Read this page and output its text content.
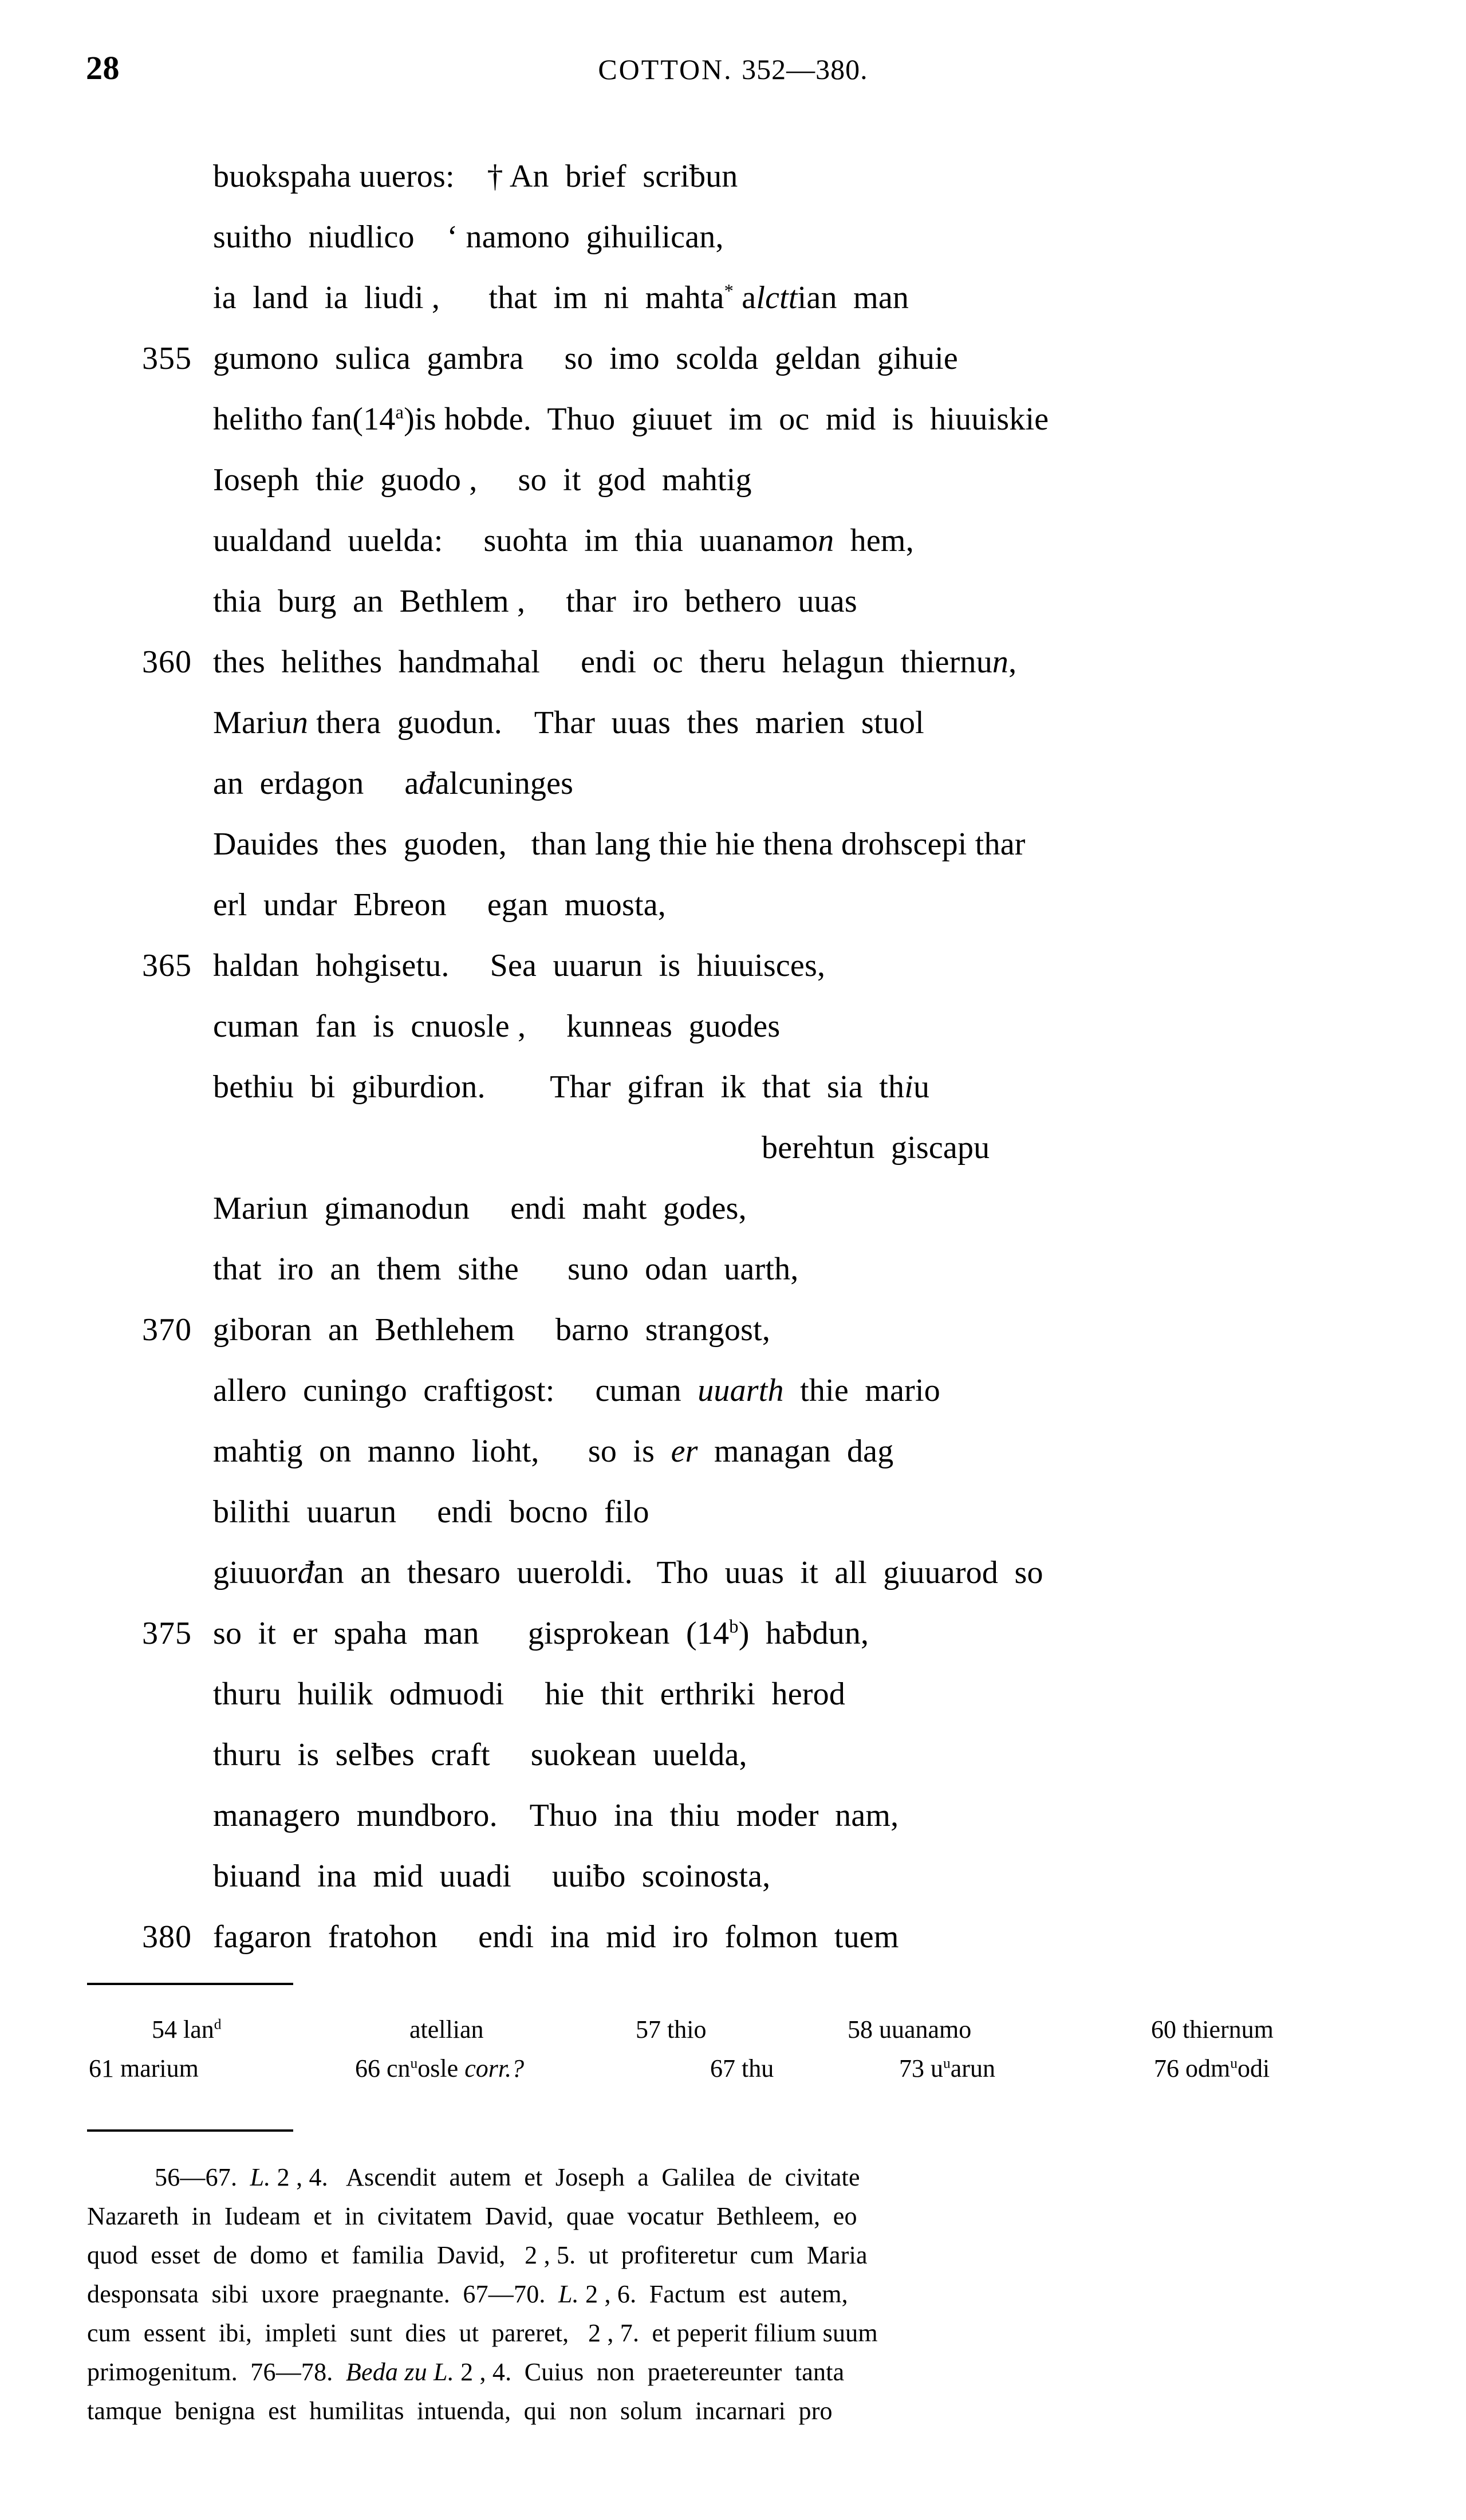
28	COTTON. 352—380.
buokspaha uueros:    † An  brief  scriƀun
suitho  niudlico    ‘ namono  gihuilican,
ia  land  ia  liudi ,      that  im  ni  mahta* alcttian  man
355 gumono  sulica  gambra     so  imo  scolda  geldan  gihuie
helitho fan(14$^a$)is hobde.  Thuo  giuuet  im  oc  mid  is  hiuuiskie
Ioseph  thie  guodo ,     so  it  god  mahtig
uualdand  uuelda:     suohta  im  thia  uuanamon  hem,
thia  burg  an  Bethlem ,     thar  iro  bethero  uuas
360 thes  helithes  handmahal     endi  oc  theru  helagun  thiernun,
Mariun thera  guodun.    Thar  uuas  thes  marien  stuol
an  erdagon     ađalcuninges
Dauides  thes  guoden,   than lang thie hie thena drohscepi thar
erl  undar  Ebreon     egan  muosta,
365 haldan  hohgisetu.     Sea  uuarun  is  hiuuisces,
cuman  fan  is  cnuosle ,     kunneas  guodes
bethiu  bi  giburdion.        Thar  gifran  ik  that  sia  thiu
berehtun  giscapu
Mariun  gimanodun     endi  maht  godes,
that  iro  an  them  sithe      suno  odan  uarth,
370 giboran  an  Bethlehem     barno  strangost,
allero  cuningo  craftigost:     cuman  uuarth  thie  mario
mahtig  on  manno  lioht,      so  is  er  managan  dag
bilithi  uuarun     endi  bocno  filo
giuuorđan  an  thesaro  uueroldi.   Tho  uuas  it  all  giuuarod  so
375 so  it  er  spaha  man      gisprokean  (14$^b$)  haƀdun,
thuru  huilik  odmuodi     hie  thit  erthriki  herod
thuru  is  selƀes  craft     suokean  uuelda,
managero  mundboro.    Thuo  ina  thiu  moder  nam,
biuand  ina  mid  uuadi     uuiƀo  scoinosta,
380 fagaron  fratohon     endi  ina  mid  iro  folmon  tuem
54 lan$^d$	atellian	57 thio	58 uuanamo	60 thiernum
61 marium	66 $cn^uosle$ corr.?	67 thu	73 $u^uarun$	76 odm$^u$odi
56—67.  L. 2 , 4.   Ascendit  autem  et  Joseph  a  Galilea  de  civitate
Nazareth  in  Iudeam  et  in  civitatem  David,  quae  vocatur  Bethleem,  eo
quod  esset  de  domo  et  familia  David,   2 , 5.  ut  profiteretur  cum  Maria
desponsata  sibi  uxore  praegnante.  67—70.  L. 2 , 6.  Factum  est  autem,
cum  essent  ibi,  impleti  sunt  dies  ut  pareret,   2 , 7.  et peperit filium suum
primogenitum.  76—78.  Beda zu L. 2 , 4.  Cuius  non  praetereunter  tanta
tamque  benigna  est  humilitas  intuenda,  qui  non  solum  incarnari  pro
